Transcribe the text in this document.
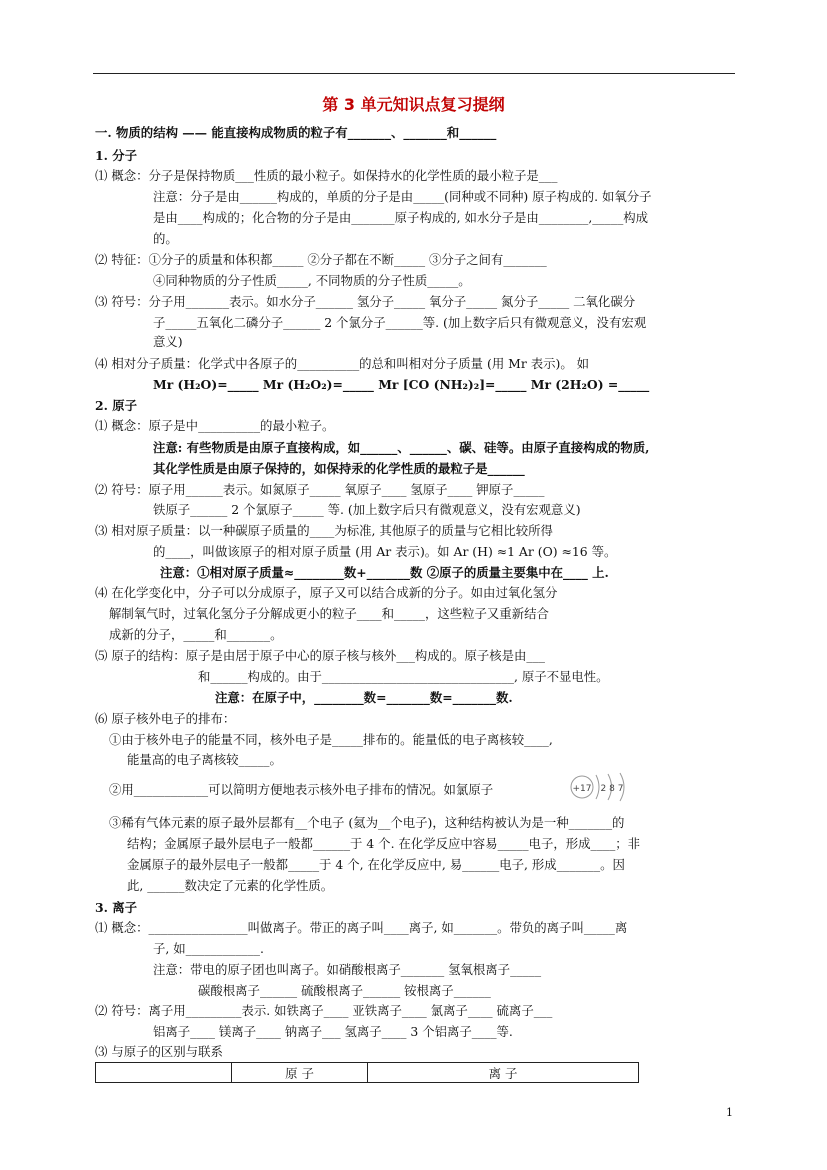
第 3 单元知识点复习提纲
一. 物质的结构 —— 能直接构成物质的粒子有_______、_______和______
1. 分子
⑴ 概念：分子是保持物质___性质的最小粒子。如保持水的化学性质的最小粒子是___
注意：分子是由______构成的，单质的分子是由_____(同种或不同种) 原子构成的. 如氧分子
是由____构成的；化合物的分子是由_______原子构成的, 如水分子是由________,_____构成
的。
⑵ 特征：①分子的质量和体积都_____ ②分子都在不断_____ ③分子之间有_______
④同种物质的分子性质_____, 不同物质的分子性质_____。
⑶ 符号：分子用_______表示。如水分子______ 氢分子_____ 氧分子_____ 氮分子_____ 二氧化碳分
子_____五氧化二磷分子______ 2 个氯分子______等. (加上数字后只有微观意义，没有宏观
意义)
⑷ 相对分子质量：化学式中各原子的__________的总和叫相对分子质量 (用 Mr 表示)。 如
Mr (H₂O)=_____ Mr (H₂O₂)=_____ Mr [CO (NH₂)₂]=_____ Mr (2H₂O) =_____
2. 原子
⑴ 概念：原子是中__________的最小粒子。
注意: 有些物质是由原子直接构成，如______、______、碳、硅等。由原子直接构成的物质,
其化学性质是由原子保持的，如保持汞的化学性质的最粒子是______
⑵ 符号：原子用______表示。如氮原子_____ 氧原子____ 氢原子____ 钾原子_____
铁原子______ 2 个氯原子_____ 等. (加上数字后只有微观意义，没有宏观意义)
⑶ 相对原子质量：以一种碳原子质量的____为标准, 其他原子的质量与它相比较所得
的____，叫做该原子的相对原子质量 (用 Ar 表示)。如 Ar (H) ≈1 Ar (O) ≈16 等。
注意：①相对原子质量≈________数+_______数 ②原子的质量主要集中在____ 上.
⑷ 在化学变化中，分子可以分成原子，原子又可以结合成新的分子。如由过氧化氢分
解制氧气时，过氧化氢分子分解成更小的粒子____和_____，这些粒子又重新结合
成新的分子，_____和_______。
⑸ 原子的结构：原子是由居于原子中心的原子核与核外___构成的。原子核是由___
和______构成的。由于_______________________________, 原子不显电性。
注意：在原子中，________数=_______数=_______数.
⑹ 原子核外电子的排布：
①由于核外电子的能量不同，核外电子是_____排布的。能量低的电子离核较____,
能量高的电子离核较_____。
②用____________可以简明方便地表示核外电子排布的情况。如氯原子
③稀有气体元素的原子最外层都有__个电子 (氦为__个电子)，这种结构被认为是一种_______的
结构；金属原子最外层电子一般都______于 4 个. 在化学反应中容易_____电子，形成____；非
金属原子的最外层电子一般都_____于 4 个, 在化学反应中, 易______电子, 形成_______。因
此, ______数决定了元素的化学性质。
3. 离子
⑴ 概念：________________叫做离子。带正的离子叫____离子, 如_______。带负的离子叫_____离
子, 如____________.
注意：带电的原子团也叫离子。如硝酸根离子_______ 氢氧根离子_____
碳酸根离子______ 硫酸根离子______ 铵根离子______
⑵ 符号：离子用_________表示. 如铁离子____ 亚铁离子____ 氯离子____ 硫离子___
铝离子____ 镁离子____ 钠离子___ 氢离子____ 3 个铝离子____等.
⑶ 与原子的区别与联系
+17 2 8 7
	原 子	离 子
1
